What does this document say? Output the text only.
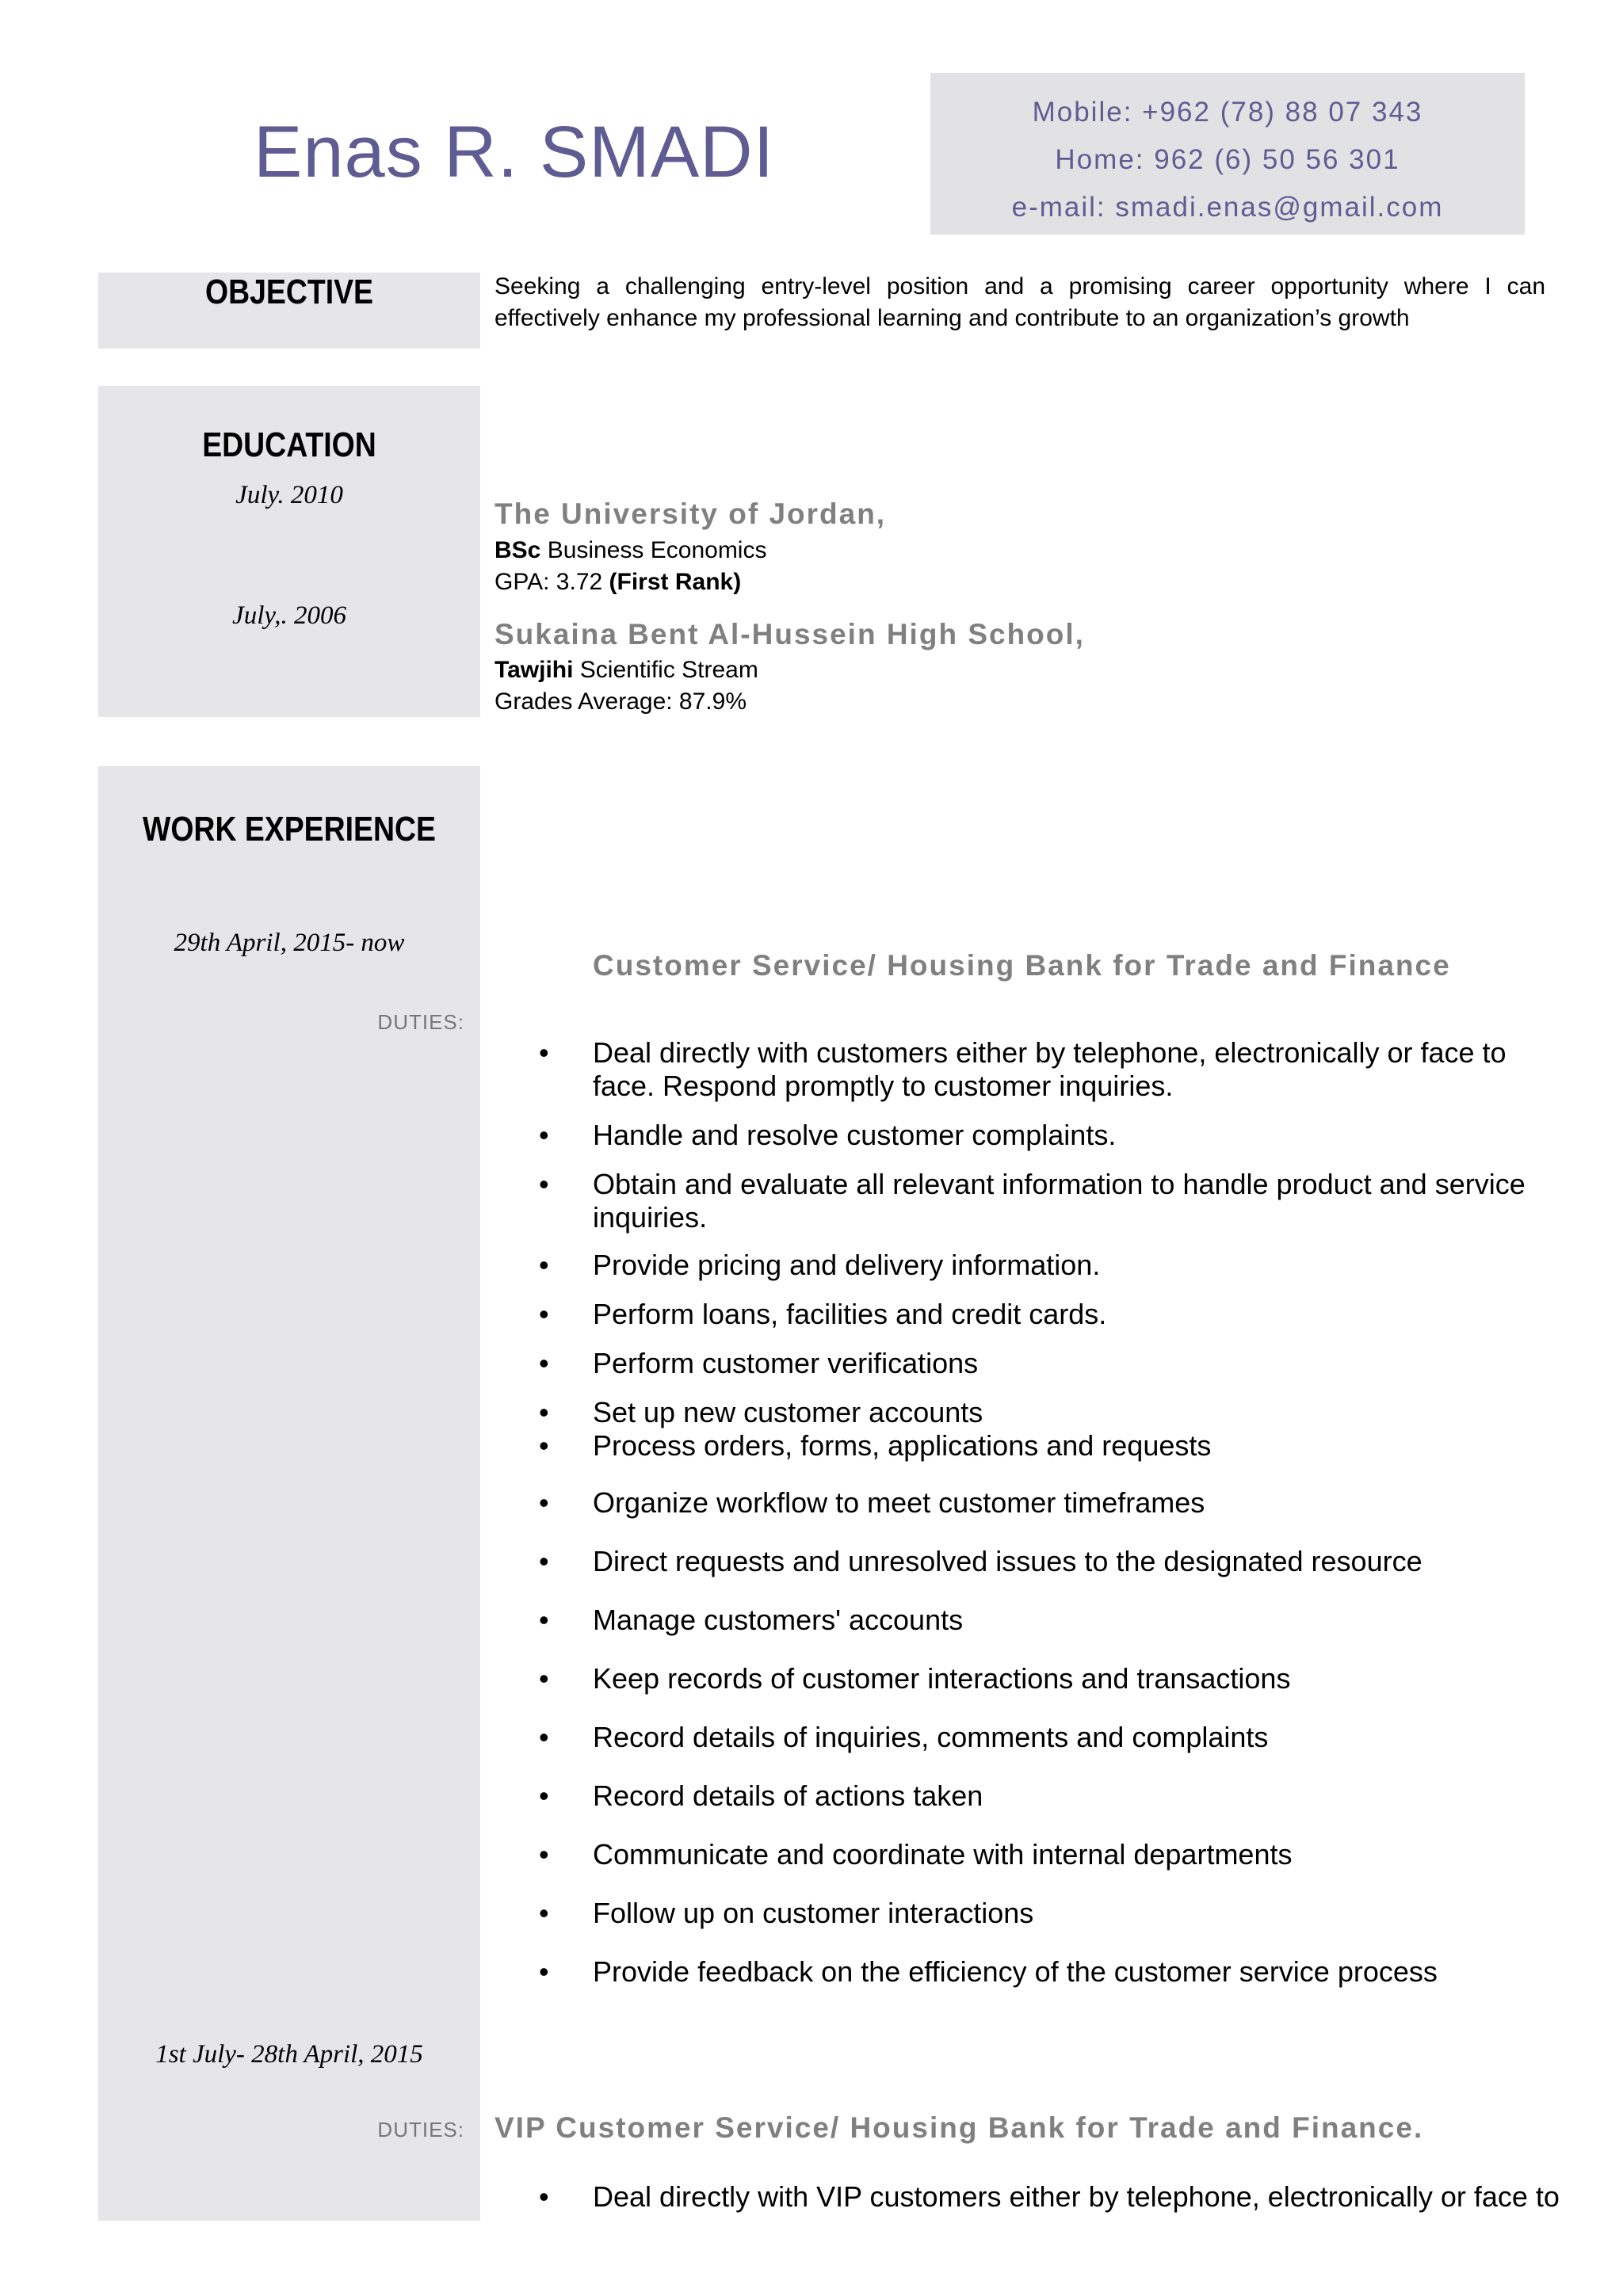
Enas R. SMADI	Mobile: +962 (78) 88 07 343
Home: 962 (6) 50 56 301
e-mail: smadi.enas@gmail.com
OBJECTIVE	Seeking a challenging entry-level position and a promising career opportunity where I can effectively enhance my professional learning and contribute to an organization’s growth
EDUCATION
July. 2010
July,. 2006
The University of Jordan,
BSc Business Economics
GPA: 3.72 (First Rank)
Sukaina Bent Al-Hussein High School,
Tawjihi Scientific Stream
Grades Average: 87.9%
WORK EXPERIENCE
29th April, 2015- now
DUTIES:
1st July- 28th April, 2015
DUTIES:
Customer Service/ Housing Bank for Trade and Finance
• Deal directly with customers either by telephone, electronically or face to face. Respond promptly to customer inquiries.
• Handle and resolve customer complaints.
• Obtain and evaluate all relevant information to handle product and service inquiries.
• Provide pricing and delivery information.
• Perform loans, facilities and credit cards.
• Perform customer verifications
• Set up new customer accounts
• Process orders, forms, applications and requests
• Organize workflow to meet customer timeframes
• Direct requests and unresolved issues to the designated resource
• Manage customers' accounts
• Keep records of customer interactions and transactions
• Record details of inquiries, comments and complaints
• Record details of actions taken
• Communicate and coordinate with internal departments
• Follow up on customer interactions
• Provide feedback on the efficiency of the customer service process
VIP Customer Service/ Housing Bank for Trade and Finance.
• Deal directly with VIP customers either by telephone, electronically or face to
